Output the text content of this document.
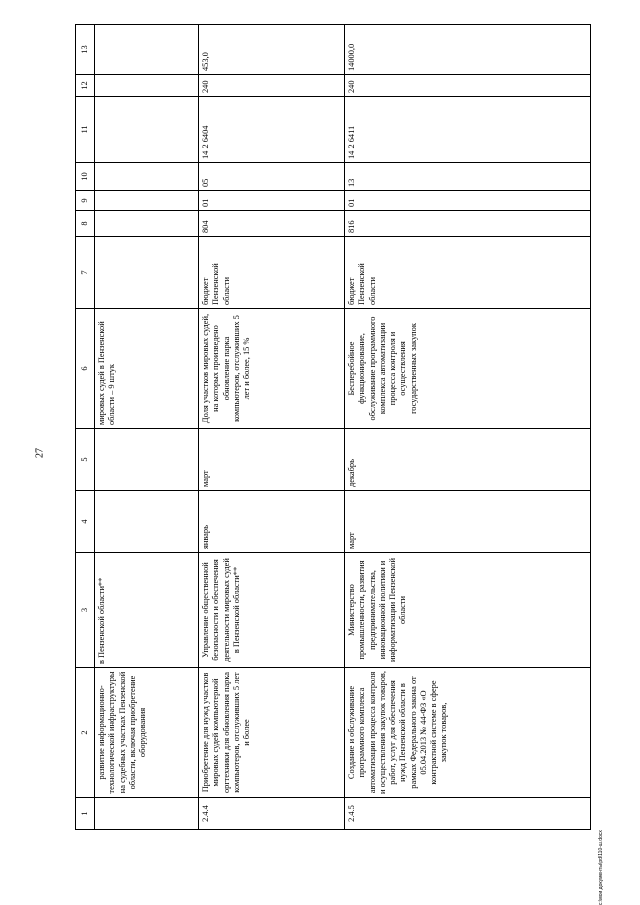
27
1	2	3	4	5	6	7	8	9	10	11	12	13
	развитие информационно-технологической инфраструктуры на судебных участках Пензенской области, включая приобретение оборудования	в Пензенской области**			мировых судей в Пензенской области – 9 штук							
2.4.4	Приобретение для нужд участков мировых судей компьютерной оргтехники для обновления парка компьютеров, отслуживших 5 лет и более	Управление общественной безопасности и обеспечения деятельности мировых судей в Пензенской области**	январь	март	Доля участков мировых судей, на которых произведено обновление парка компьютеров, отслуживших 5 лет и более, 15 %	бюджет Пензенской области	804	01	05	14 2 6404	240	453,0
2.4.5	Создание и обслуживание программного комплекса автоматизации процесса контроля и осуществления закупок товаров, работ, услуг для обеспечения нужд Пензенской области в рамках Федерального закона от 05.04.2013 № 44-ФЗ «О контрактной системе в сфере закупок товаров,	Министерство промышленности, развития предпринимательства, инновационной политики и информатизации Пензенской области	март	декабрь	Бесперебойное функционирование, обслуживание программного комплекса автоматизации процесса контроля и осуществления государственных закупок	бюджет Пензенской области	816	01	13	14 2 6411	240	14000,0
c:\мои документы\pd\110-ш.docx
